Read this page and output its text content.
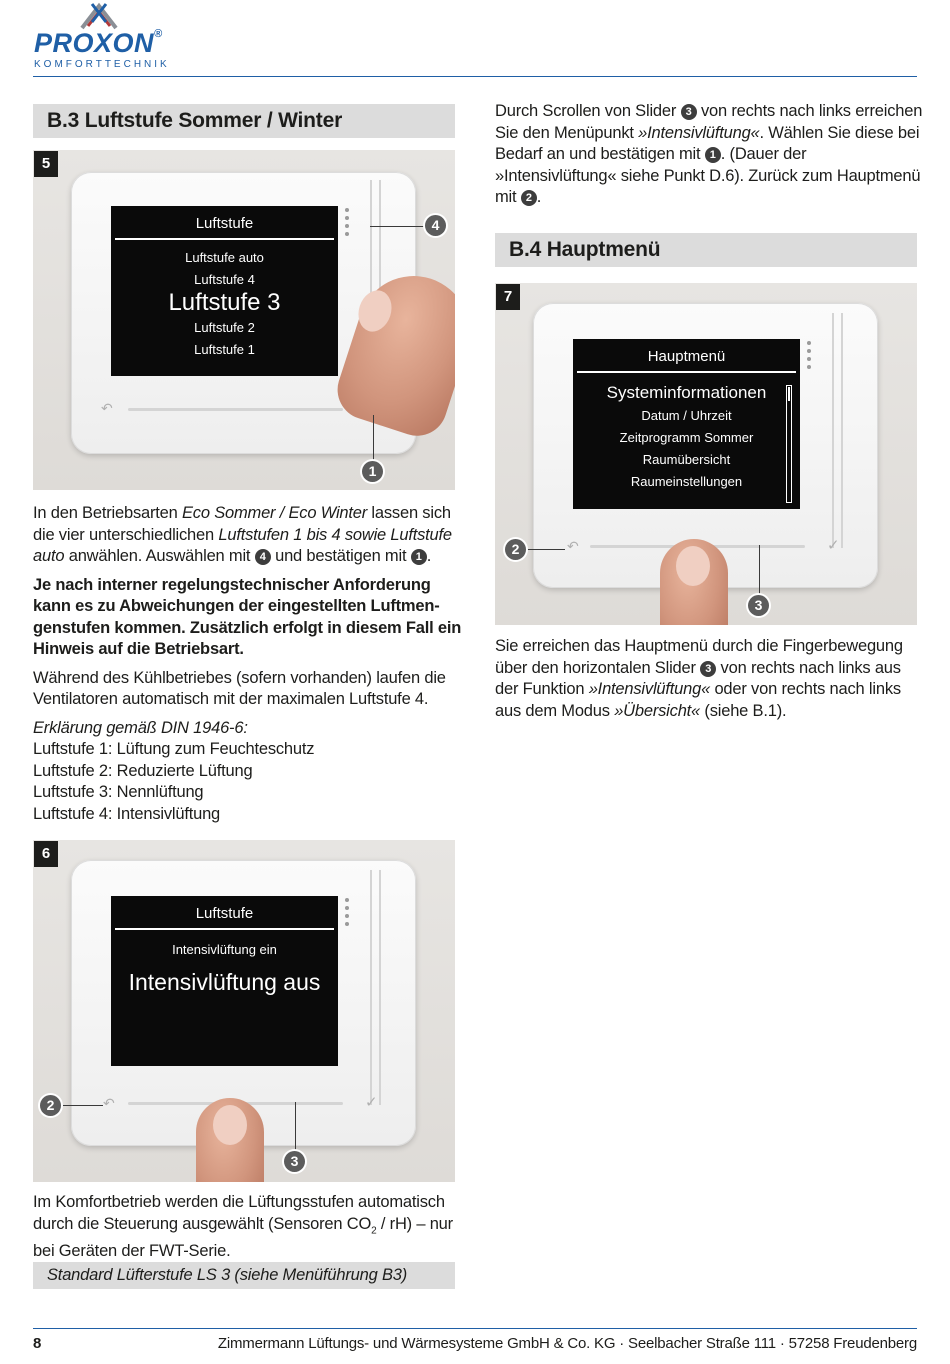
PROXON®
KOMFORTTECHNIK
B.3 Luftstufe Sommer / Winter
Luftstufe
Luftstufe auto
Luftstufe 4
Luftstufe 3
Luftstufe 2
Luftstufe 1
↶
4
1
5

In den Betriebsarten Eco Sommer / Eco Winter lassen sich die vier unterschiedlichen Luftstufen 1 bis 4 sowie Luftstufe auto anwählen. Auswählen mit 4 und bestätigen mit 1 .

Je nach interner regelungstechnischer Anforderung kann es zu Abweichungen der eingestellten Luftmen-genstufen kommen. Zusätzlich erfolgt in diesem Fall ein Hinweis auf die Betriebsart.

Während des Kühlbetriebes (sofern vorhanden) laufen die Ventilatoren automatisch mit der maximalen Luftstufe 4.

Erklärung gemäß DIN 1946-6:

Luftstufe 1: Lüftung zum Feuchteschutz
Luftstufe 2: Reduzierte Lüftung
Luftstufe 3: Nennlüftung
Luftstufe 4: Intensivlüftung
Luftstufe
Intensivlüftung ein
Intensivlüftung aus
↶	✓
2
3
6
Im Komfortbetrieb werden die Lüftungsstufen automatisch durch die Steuerung ausgewählt (Sensoren $CO_2 / rH$) – nur bei Geräten der FWT-Serie.
Standard Lüfterstufe LS 3 (siehe Menüführung B3)
Durch Scrollen von Slider 3 von rechts nach links erreichen Sie den Menüpunkt »Intensivlüftung«. Wählen Sie diese bei Bedarf an und bestätigen mit 1 . (Dauer der »Intensivlüftung« siehe Punkt D.6). Zurück zum Hauptmenü mit 2 .
B.4 Hauptmenü
Hauptmenü
Systeminformationen
Datum / Uhrzeit
Zeitprogramm Sommer
Raumübersicht
Raumeinstellungen
↶	✓
2
3
7
Sie erreichen das Hauptmenü durch die Fingerbewegung über den horizontalen Slider 3 von rechts nach links aus der Funktion »Intensivlüftung« oder von rechts nach links aus dem Modus »Übersicht« (siehe B.1).
8	Zimmermann Lüftungs- und Wärmesysteme GmbH & Co. KG · Seelbacher Straße 111 · 57258 Freudenberg
